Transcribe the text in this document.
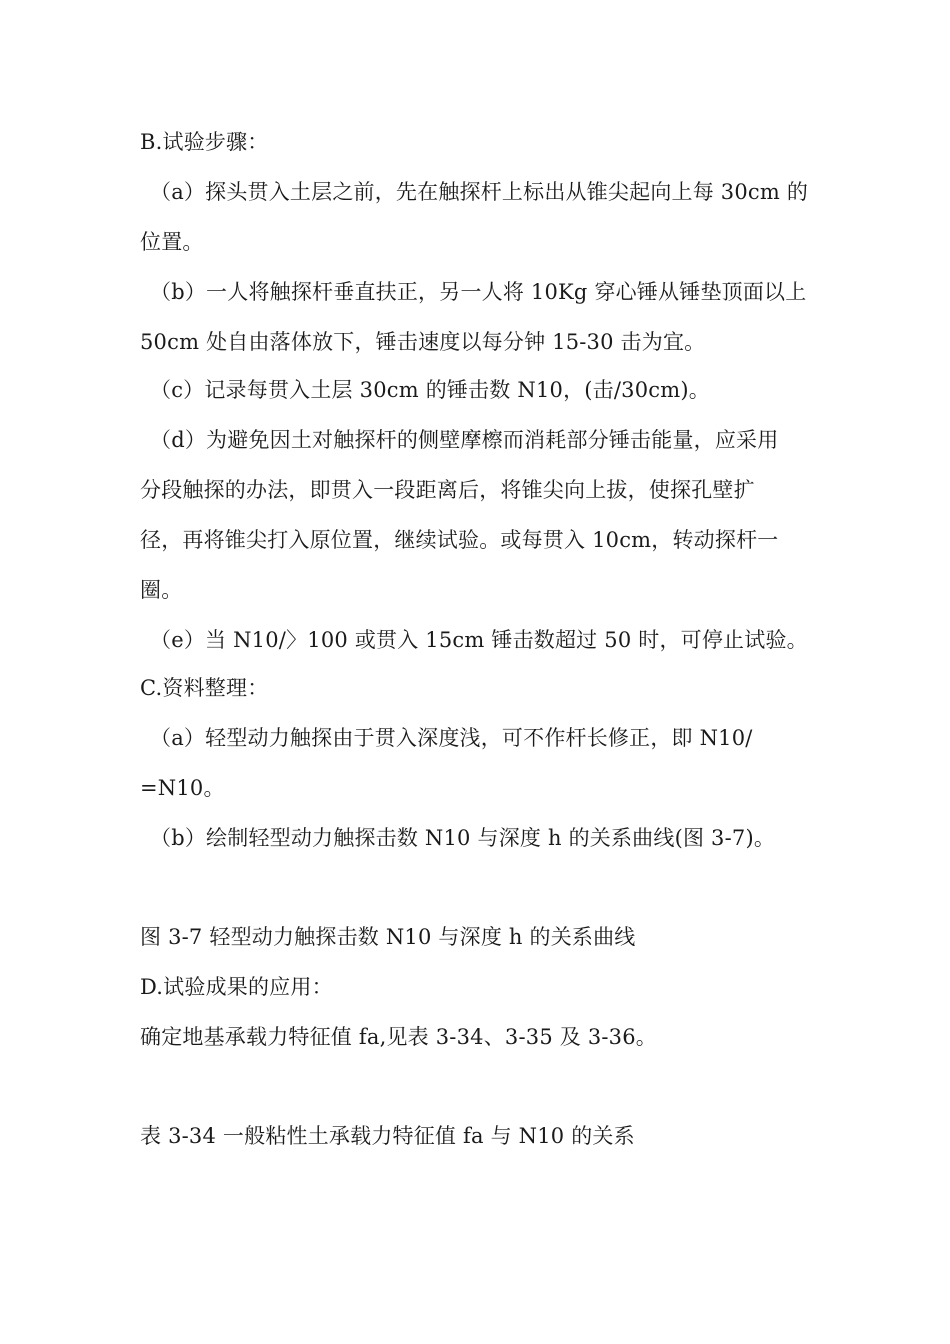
B.试验步骤：
（a）探头贯入土层之前，先在触探杆上标出从锥尖起向上每 30cm 的
位置。
（b）一人将触探杆垂直扶正，另一人将 10Kg 穿心锤从锤垫顶面以上
50cm 处自由落体放下，锤击速度以每分钟 15-30 击为宜。
（c）记录每贯入土层 30cm 的锤击数 N10，(击/30cm)。
（d）为避免因土对触探杆的侧壁摩檫而消耗部分锤击能量，应采用
分段触探的办法，即贯入一段距离后，将锥尖向上拔，使探孔壁扩
径，再将锥尖打入原位置，继续试验。或每贯入 10cm，转动探杆一
圈。
（e）当 N10/〉100 或贯入 15cm 锤击数超过 50 时，可停止试验。
C.资料整理：
（a）轻型动力触探由于贯入深度浅，可不作杆长修正，即 N10/
=N10。
（b）绘制轻型动力触探击数 N10 与深度 h 的关系曲线(图 3-7)。
图 3-7 轻型动力触探击数 N10 与深度 h 的关系曲线
D.试验成果的应用：
确定地基承载力特征值 fa,见表 3-34、3-35 及 3-36。
表 3-34 一般粘性土承载力特征值 fa 与 N10 的关系
